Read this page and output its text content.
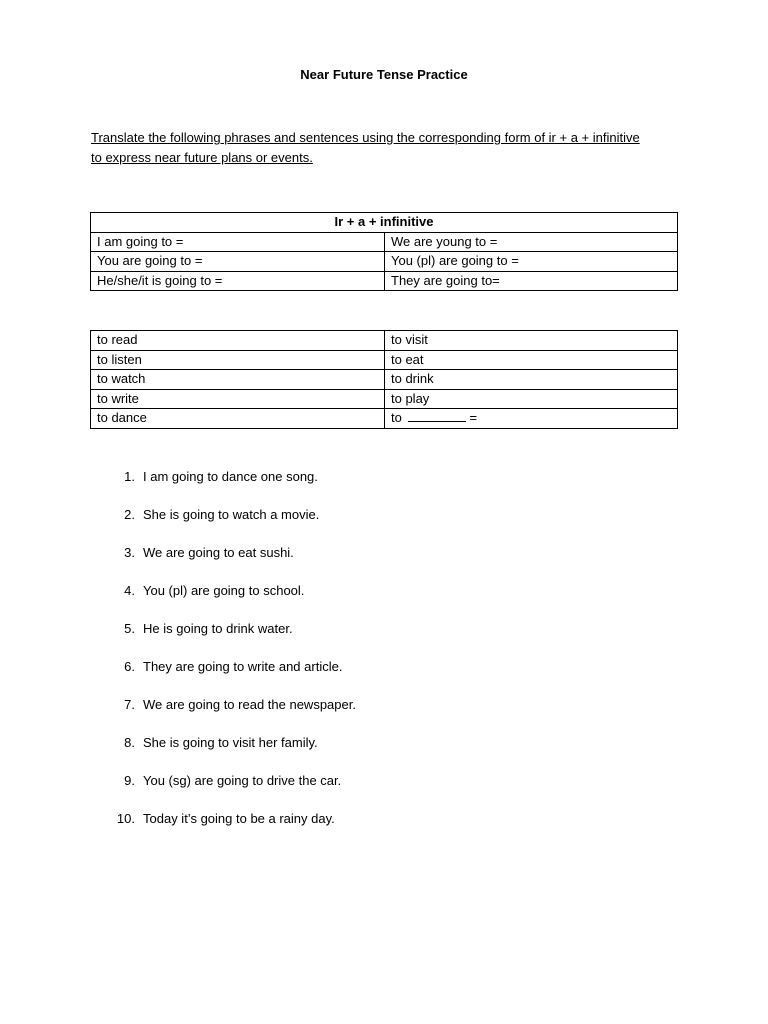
Near Future Tense Practice
Translate the following phrases and sentences using the corresponding form of ir + a + infinitive
to express near future plans or events.
Ir + a + infinitive	
I am going to =	We are young to =
You are going to =	You (pl) are going to =
He/she/it is going to =	They are going to=
to read	to visit
to listen	to eat
to watch	to drink
to write	to play
to dance	to =
1. I am going to dance one song.
2. She is going to watch a movie.
3. We are going to eat sushi.
4. You (pl) are going to school.
5. He is going to drink water.
6. They are going to write and article.
7. We are going to read the newspaper.
8. She is going to visit her family.
9. You (sg) are going to drive the car.
10. Today it’s going to be a rainy day.
